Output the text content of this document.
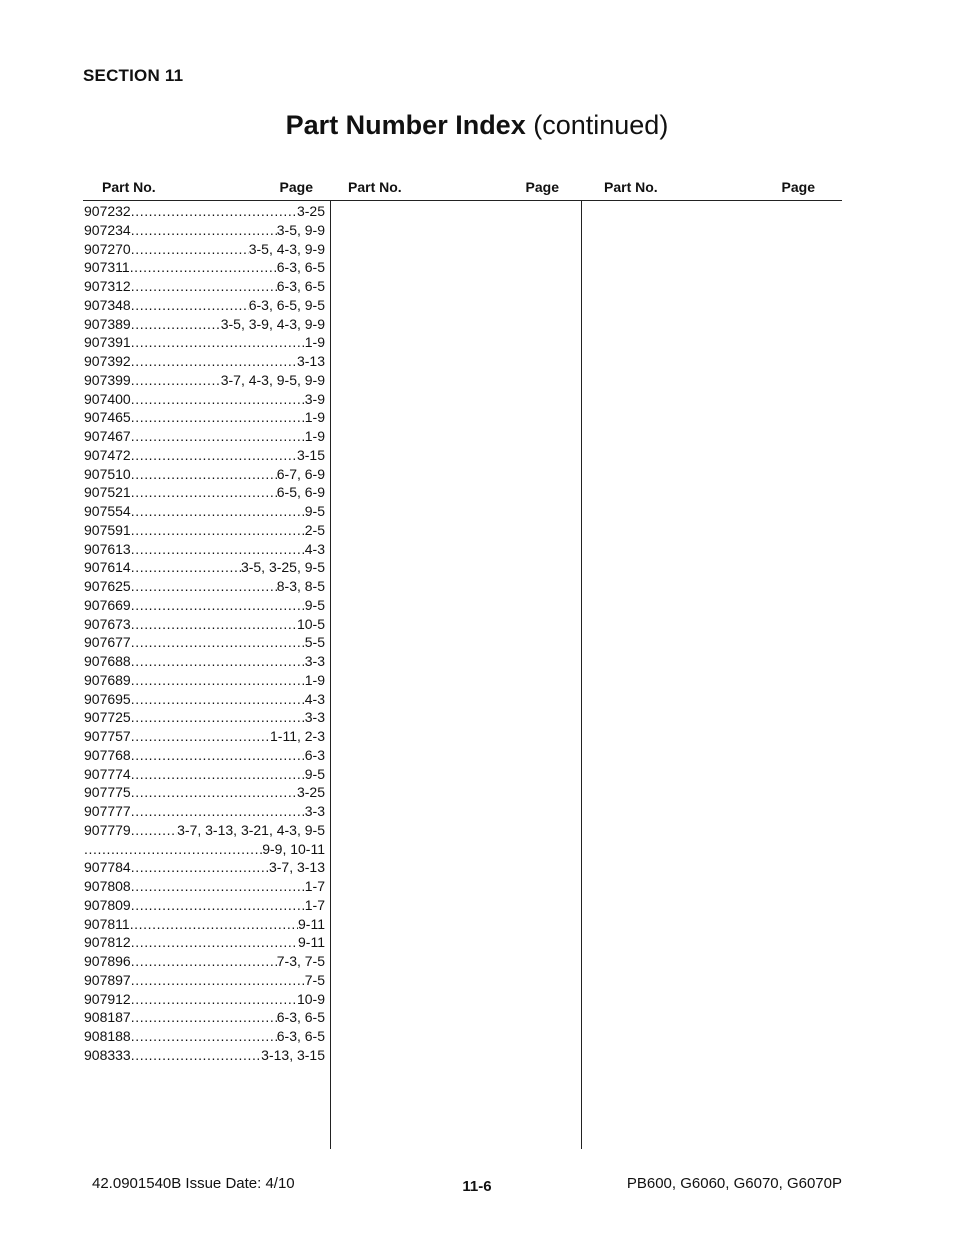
SECTION 11
Part Number Index (continued)
Part No.	Page	Part No.	Page	Part No.	Page
907232 .....	3-25
907234 .....	3-5, 9-9
907270 .....	3-5, 4-3, 9-9
907311 .....	6-3, 6-5
907312 .....	6-3, 6-5
907348 .....	6-3, 6-5, 9-5
907389 .....	3-5, 3-9, 4-3, 9-9
907391 .....	1-9
907392 .....	3-13
907399 .....	3-7, 4-3, 9-5, 9-9
907400 .....	3-9
907465 .....	1-9
907467 .....	1-9
907472 .....	3-15
907510 .....	6-7, 6-9
907521 .....	6-5, 6-9
907554 .....	9-5
907591 .....	2-5
907613 .....	4-3
907614 .....	3-5, 3-25, 9-5
907625 .....	8-3, 8-5
907669 .....	9-5
907673 .....	10-5
907677 .....	5-5
907688 .....	3-3
907689 .....	1-9
907695 .....	4-3
907725 .....	3-3
907757 .....	1-11, 2-3
907768 .....	6-3
907774 .....	9-5
907775 .....	3-25
907777 .....	3-3
907779 .....	3-7, 3-13, 3-21, 4-3, 9-5
.....
9-9, 10-11
907784 .....	3-7, 3-13
907808 .....	1-7
907809 .....	1-7
907811 .....	9-11
907812 .....	9-11
907896 .....	7-3, 7-5
907897 .....	7-5
907912 .....	10-9
908187 .....	6-3, 6-5
908188 .....	6-3, 6-5
908333 .....	3-13, 3-15
42.0901540B Issue Date: 4/10	11-6	PB600, G6060, G6070, G6070P
